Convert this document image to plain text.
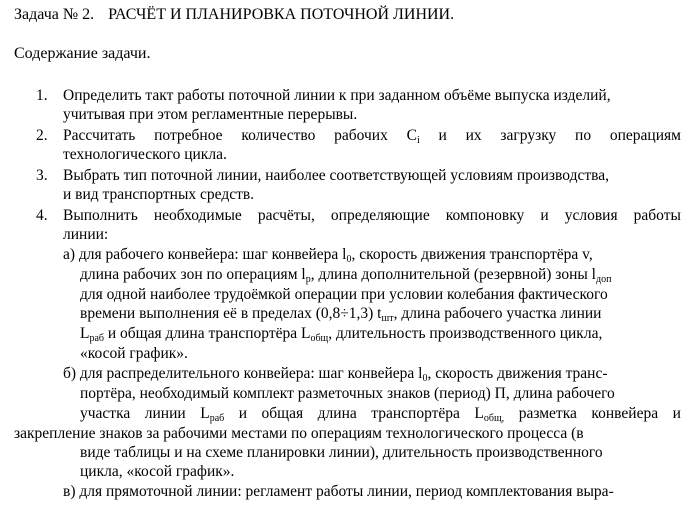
Задача № 2. РАСЧЁТ И ПЛАНИРОВКА ПОТОЧНОЙ ЛИНИИ.
Содержание задачи.
1. Определить такт работы поточной линии к при заданном объёме выпуска изделий,
учитывая при этом регламентные перерывы.
2. Рассчитать потребное количество рабочих $C_i$ и их загрузку по операциям
технологического цикла.
3. Выбрать тип поточной линии, наиболее соответствующей условиям производства,
и вид транспортных средств.
4. Выполнить необходимые расчёты, определяющие компоновку и условия работы
линии:
а) для рабочего конвейера: шаг конвейера $l_0$, скорость движения транспортёра v,
длина рабочих зон по операциям $l_р$, длина дополнительной (резервной) зоны $l_{доп}$
для одной наиболее трудоёмкой операции при условии колебания фактического
времени выполнения её в пределах (0,8÷1,3) $t_{шт}$, длина рабочего участка линии
$L_{раб}$ и общая длина транспортёра $L_{общ}$, длительность производственного цикла,
«косой график».
б) для распределительного конвейера: шаг конвейера $l_0$, скорость движения транс-
портёра, необходимый комплект разметочных знаков (период) П, длина рабочего
участка линии $L_{раб}$ и общая длина транспортёра $L_{общ,}$ разметка конвейера и
закрепление знаков за рабочими местами по операциям технологического процесса (в
виде таблицы и на схеме планировки линии), длительность производственного
цикла, «косой график».
в) для прямоточной линии: регламент работы линии, период комплектования выра-
